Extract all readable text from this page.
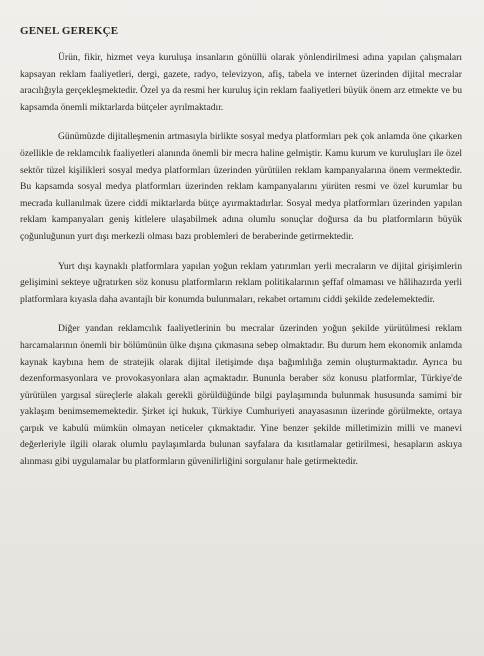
GENEL GEREKÇE

Ürün, fikir, hizmet veya kuruluşa insanların gönüllü olarak yönlendirilmesi adına yapılan çalışmaları kapsayan reklam faaliyetleri, dergi, gazete, radyo, televizyon, afiş, tabela ve internet üzerinden dijital mecralar aracılığıyla gerçekleşmektedir. Özel ya da resmi her kuruluş için reklam faaliyetleri büyük önem arz etmekte ve bu kapsamda önemli miktarlarda bütçeler ayrılmaktadır.

Günümüzde dijitalleşmenin artmasıyla birlikte sosyal medya platformları pek çok anlamda öne çıkarken özellikle de reklamcılık faaliyetleri alanında önemli bir mecra haline gelmiştir. Kamu kurum ve kuruluşları ile özel sektör tüzel kişilikleri sosyal medya platformları üzerinden yürütülen reklam kampanyalarına önem vermektedir. Bu kapsamda sosyal medya platformları üzerinden reklam kampanyalarını yürüten resmi ve özel kurumlar bu mecrada kullanılmak üzere ciddi miktarlarda bütçe ayırmaktadırlar. Sosyal medya platformları üzerinden yapılan reklam kampanyaları geniş kitlelere ulaşabilmek adına olumlu sonuçlar doğursa da bu platformların büyük çoğunluğunun yurt dışı merkezli olması bazı problemleri de beraberinde getirmektedir.

Yurt dışı kaynaklı platformlara yapılan yoğun reklam yatırımları yerli mecraların ve dijital girişimlerin gelişimini sekteye uğratırken söz konusu platformların reklam politikalarının şeffaf olmaması ve hâlihazırda yerli platformlara kıyasla daha avantajlı bir konumda bulunmaları, rekabet ortamını ciddi şekilde zedelemektedir.

Diğer yandan reklamcılık faaliyetlerinin bu mecralar üzerinden yoğun şekilde yürütülmesi reklam harcamalarının önemli bir bölümünün ülke dışına çıkmasına sebep olmaktadır. Bu durum hem ekonomik anlamda kaynak kaybına hem de stratejik olarak dijital iletişimde dışa bağımlılığa zemin oluşturmaktadır. Ayrıca bu dezenformasyonlara ve provokasyonlara alan açmaktadır. Bununla beraber söz konusu platformlar, Türkiye'de yürütülen yargısal süreçlerle alakalı gerekli görüldüğünde bilgi paylaşımında bulunmak hususunda samimi bir yaklaşım benimsememektedir. Şirket içi hukuk, Türkiye Cumhuriyeti anayasasının üzerinde görülmekte, ortaya çarpık ve kabulü mümkün olmayan neticeler çıkmaktadır. Yine benzer şekilde milletimizin milli ve manevi değerleriyle ilgili olarak olumlu paylaşımlarda bulunan sayfalara da kısıtlamalar getirilmesi, hesapların askıya alınması gibi uygulamalar bu platformların güvenilirliğini sorgulanır hale getirmektedir.
